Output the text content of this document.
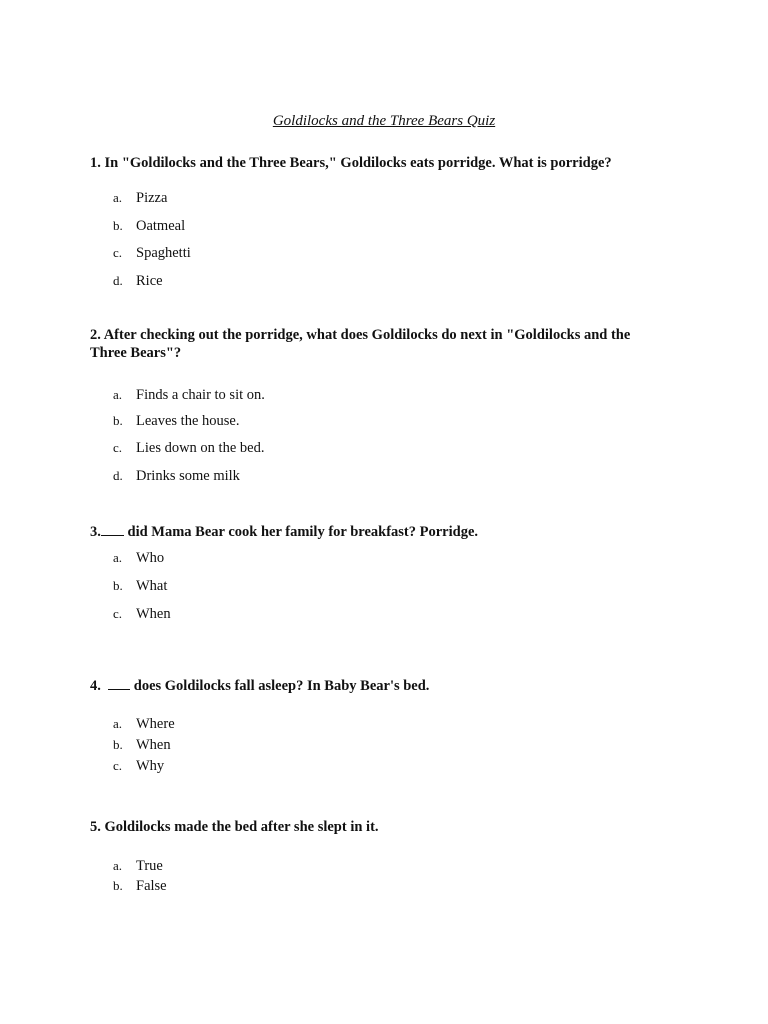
Goldilocks and the Three Bears Quiz
1. In "Goldilocks and the Three Bears," Goldilocks eats porridge. What is porridge?
a. Pizza
b. Oatmeal
c. Spaghetti
d. Rice
2. After checking out the porridge, what does Goldilocks do next in "Goldilocks and the
Three Bears"?
a. Finds a chair to sit on.
b. Leaves the house.
c. Lies down on the bed.
d. Drinks some milk
3. did Mama Bear cook her family for breakfast? Porridge.
a. Who
b. What
c. When
4.   does Goldilocks fall asleep? In Baby Bear's bed.
a. Where
b. When
c. Why
5. Goldilocks made the bed after she slept in it.
a. True
b. False
